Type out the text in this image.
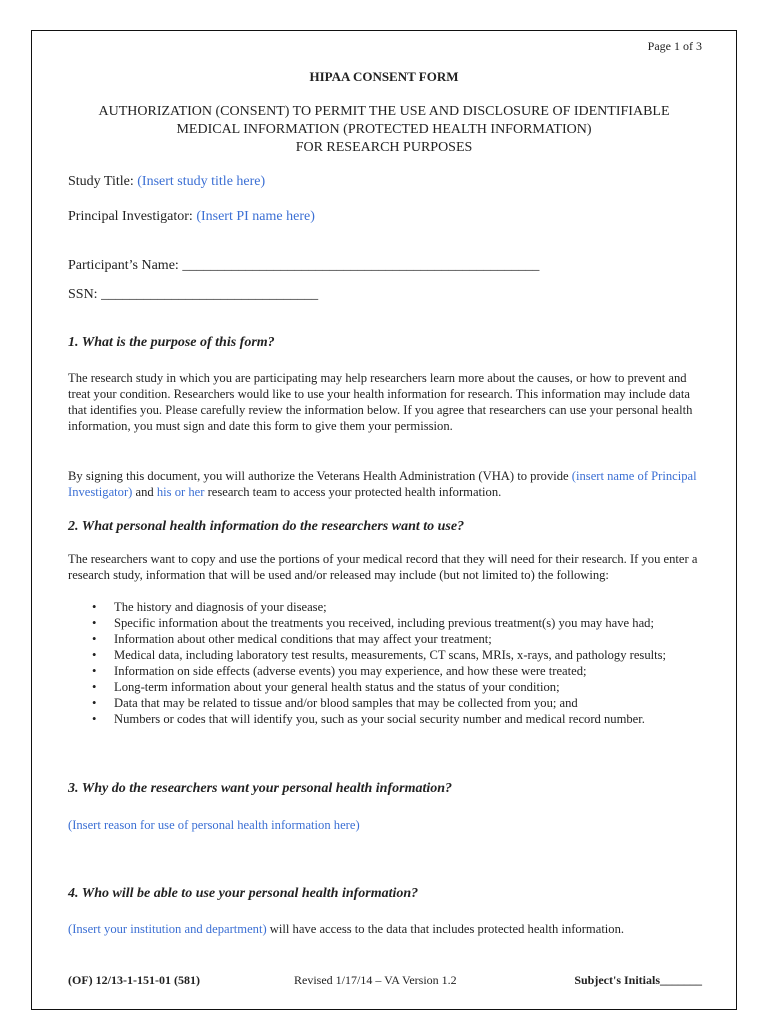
Page 1 of 3
HIPAA CONSENT FORM
AUTHORIZATION (CONSENT) TO PERMIT THE USE AND DISCLOSURE OF IDENTIFIABLE
MEDICAL INFORMATION (PROTECTED HEALTH INFORMATION)
FOR RESEARCH PURPOSES
Study Title: (Insert study title here)
Principal Investigator: (Insert PI name here)
Participant’s Name: ___________________________________________________
SSN: _______________________________
1. What is the purpose of this form?
The research study in which you are participating may help researchers learn more about the causes, or how to prevent and treat your condition. Researchers would like to use your health information for research. This information may include data that identifies you. Please carefully review the information below. If you agree that researchers can use your personal health information, you must sign and date this form to give them your permission.
By signing this document, you will authorize the Veterans Health Administration (VHA) to provide (insert name of Principal Investigator) and his or her research team to access your protected health information.
2. What personal health information do the researchers want to use?
The researchers want to copy and use the portions of your medical record that they will need for their research. If you enter a research study, information that will be used and/or released may include (but not limited to) the following:
• The history and diagnosis of your disease;
• Specific information about the treatments you received, including previous treatment(s) you may have had;
• Information about other medical conditions that may affect your treatment;
• Medical data, including laboratory test results, measurements, CT scans, MRIs, x-rays, and pathology results;
• Information on side effects (adverse events) you may experience, and how these were treated;
• Long-term information about your general health status and the status of your condition;
• Data that may be related to tissue and/or blood samples that may be collected from you; and
• Numbers or codes that will identify you, such as your social security number and medical record number.
3. Why do the researchers want your personal health information?
(Insert reason for use of personal health information here)
4. Who will be able to use your personal health information?
(Insert your institution and department) will have access to the data that includes protected health information.
(OF) 12/13-1-151-01 (581)	Revised 1/17/14 – VA Version 1.2	Subject's Initials_______
